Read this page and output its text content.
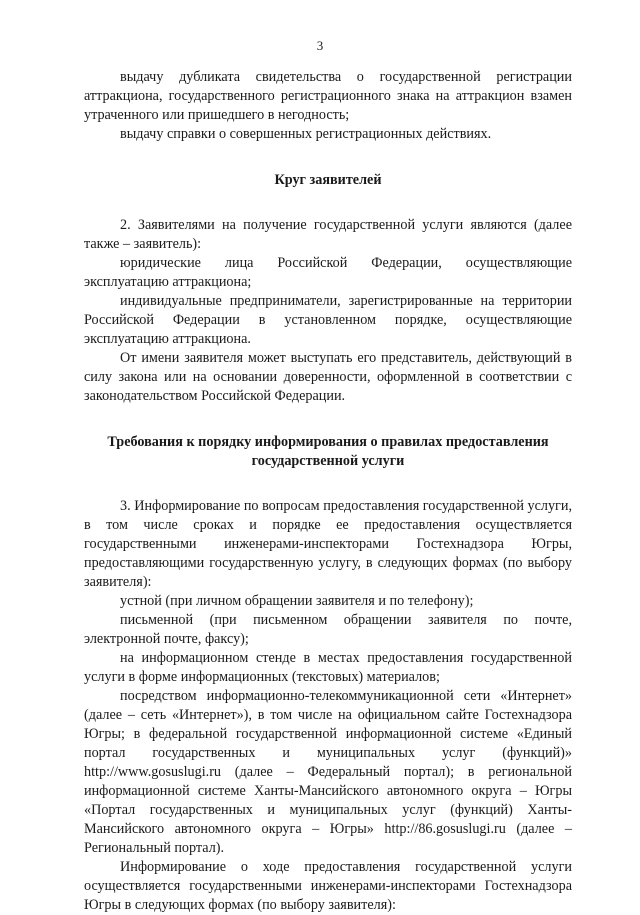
3

выдачу дубликата свидетельства о государственной регистрации аттракциона, государственного регистрационного знака на аттракцион взамен утраченного или пришедшего в негодность;

выдачу справки о совершенных регистрационных действиях.

Круг заявителей

2. Заявителями на получение государственной услуги являются (далее также – заявитель):

юридические лица Российской Федерации, осуществляющие эксплуатацию аттракциона;

индивидуальные предприниматели, зарегистрированные на территории Российской Федерации в установленном порядке, осуществляющие эксплуатацию аттракциона.

От имени заявителя может выступать его представитель, действующий в силу закона или на основании доверенности, оформленной в соответствии с законодательством Российской Федерации.

Требования к порядку информирования о правилах предоставления государственной услуги

3. Информирование по вопросам предоставления государственной услуги, в том числе сроках и порядке ее предоставления осуществляется государственными инженерами-инспекторами Гостехнадзора Югры, предоставляющими государственную услугу, в следующих формах (по выбору заявителя):

устной (при личном обращении заявителя и по телефону);

письменной (при письменном обращении заявителя по почте, электронной почте, факсу);

на информационном стенде в местах предоставления государственной услуги в форме информационных (текстовых) материалов;

посредством информационно-телекоммуникационной сети «Интернет» (далее – сеть «Интернет»), в том числе на официальном сайте Гостехнадзора Югры; в федеральной государственной информационной системе «Единый портал государственных и муниципальных услуг (функций)» http://www.gosuslugi.ru (далее – Федеральный портал); в региональной информационной системе Ханты-Мансийского автономного округа – Югры «Портал государственных и муниципальных услуг (функций) Ханты-Мансийского автономного округа – Югры» http://86.gosuslugi.ru (далее – Региональный портал).

Информирование о ходе предоставления государственной услуги осуществляется государственными инженерами-инспекторами Гостехнадзора Югры в следующих формах (по выбору заявителя):
